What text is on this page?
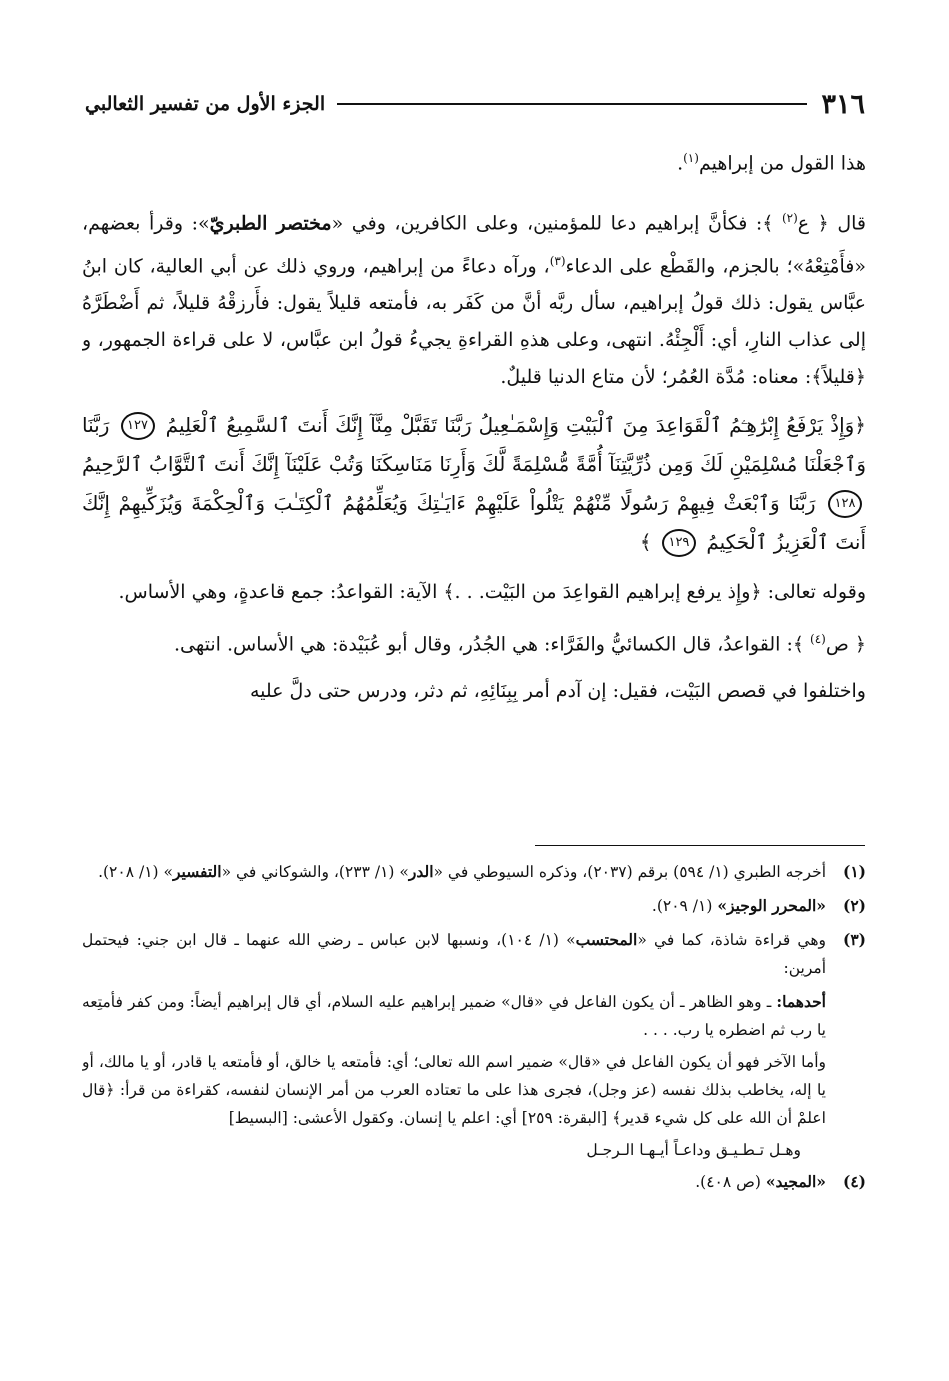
٣١٦
الجزء الأول من تفسير الثعالبي

هذا القول من إبراهيم$^{(١)}$.

قال ﴿ ع$^{(٢)}$ ﴾: فكأنَّ إبراهيم دعا للمؤمنين، وعلى الكافرين، وفي «مختصر الطبريّ»: وقرأ بعضهم، «فأَمْتِعْهُ»؛ بالجزم، والقَطْع على الدعاء$^{(٣)}$، ورآه دعاءً من إبراهيم، وروي ذلك عن أبي العالية، كان ابنُ عبَّاس يقول: ذلك قولُ إبراهيم، سأل ربَّه أنَّ من كَفَر به، فأمتعه قليلاً يقول: فأَرزقْهُ قليلاً، ثم أَضْطَرَّهُ إلى عذاب النارِ، أي: أَلْجِئْهُ. انتهى، وعلى هذهِ القراءةِ يجيءُ قولُ ابن عبَّاس، لا على قراءة الجمهور، و ﴿قليلاً﴾: معناه: مُدَّة العُمُر؛ لأن متاع الدنيا قليلٌ.

﴿وَإِذْ يَرْفَعُ إِبْرَٰهِـۧمُ ٱلْقَوَاعِدَ مِنَ ٱلْبَيْتِ وَإِسْمَـٰعِيلُ رَبَّنَا تَقَبَّلْ مِنَّآ إِنَّكَ أَنتَ ٱلسَّمِيعُ ٱلْعَلِيمُ ١٢٧ رَبَّنَا وَٱجْعَلْنَا مُسْلِمَيْنِ لَكَ وَمِن ذُرِّيَّتِنَآ أُمَّةً مُّسْلِمَةً لَّكَ وَأَرِنَا مَنَاسِكَنَا وَتُبْ عَلَيْنَآ إِنَّكَ أَنتَ ٱلتَّوَّابُ ٱلرَّحِيمُ ١٢٨ رَبَّنَا وَٱبْعَثْ فِيهِمْ رَسُولًا مِّنْهُمْ يَتْلُواْ عَلَيْهِمْ ءَايَـٰتِكَ وَيُعَلِّمُهُمُ ٱلْكِتَـٰبَ وَٱلْحِكْمَةَ وَيُزَكِّيهِمْ إِنَّكَ أَنتَ ٱلْعَزِيزُ ٱلْحَكِيمُ ١٢٩ ﴾

وقوله تعالى: ﴿وإِذ يرفع إبراهيم القواعِدَ من البَيْت. . .﴾ الآية: القواعدُ: جمع قاعدةٍ، وهي الأساس.

﴿ ص$^{(٤)}$ ﴾: القواعدُ، قال الكسائيُّ والفَرَّاء: هي الجُدُر، وقال أبو عُبَيْدة: هي الأساس. انتهى.

واختلفوا في قصص البَيْت، فقيل: إن آدم أمر بِبِنَائِهِ، ثم دثر، ودرس حتى دلَّ عليه

(١)
أخرجه الطبري (١/ ٥٩٤) برقم (٢٠٣٧)، وذكره السيوطي في «الدر» (١/ ٢٣٣)، والشوكاني في «التفسير» (١/ ٢٠٨).
(٢)
«المحرر الوجيز» (١/ ٢٠٩).
(٣)
وهي قراءة شاذة، كما في «المحتسب» (١/ ١٠٤)، ونسبها لابن عباس ـ رضي الله عنهما ـ قال ابن جني: فيحتمل أمرين:

أحدهما: ـ وهو الظاهر ـ أن يكون الفاعل في «قال» ضمير إبراهيم عليه السلام، أي قال إبراهيم أيضاً: ومن كفر فأمتِعه يا رب ثم اضطره يا رب. . . .

وأما الآخر فهو أن يكون الفاعل في «قال» ضمير اسم الله تعالى؛ أي: فأمتعه يا خالق، أو فأمتعه يا قادر، أو يا مالك، أو يا إله، يخاطب بذلك نفسه (عز وجل)، فجرى هذا على ما تعتاده العرب من أمر الإنسان لنفسه، كقراءة من قرأ: ﴿قال اعلمْ أن الله على كل شيء قدير﴾ [البقرة: ٢٥٩] أي: اعلم يا إنسان. وكقول الأعشى: [البسيط]

وهـل تـطـيـق وداعـاً أيـهـا الـرجـل

(٤)
«المجيد» (ص ٤٠٨).
